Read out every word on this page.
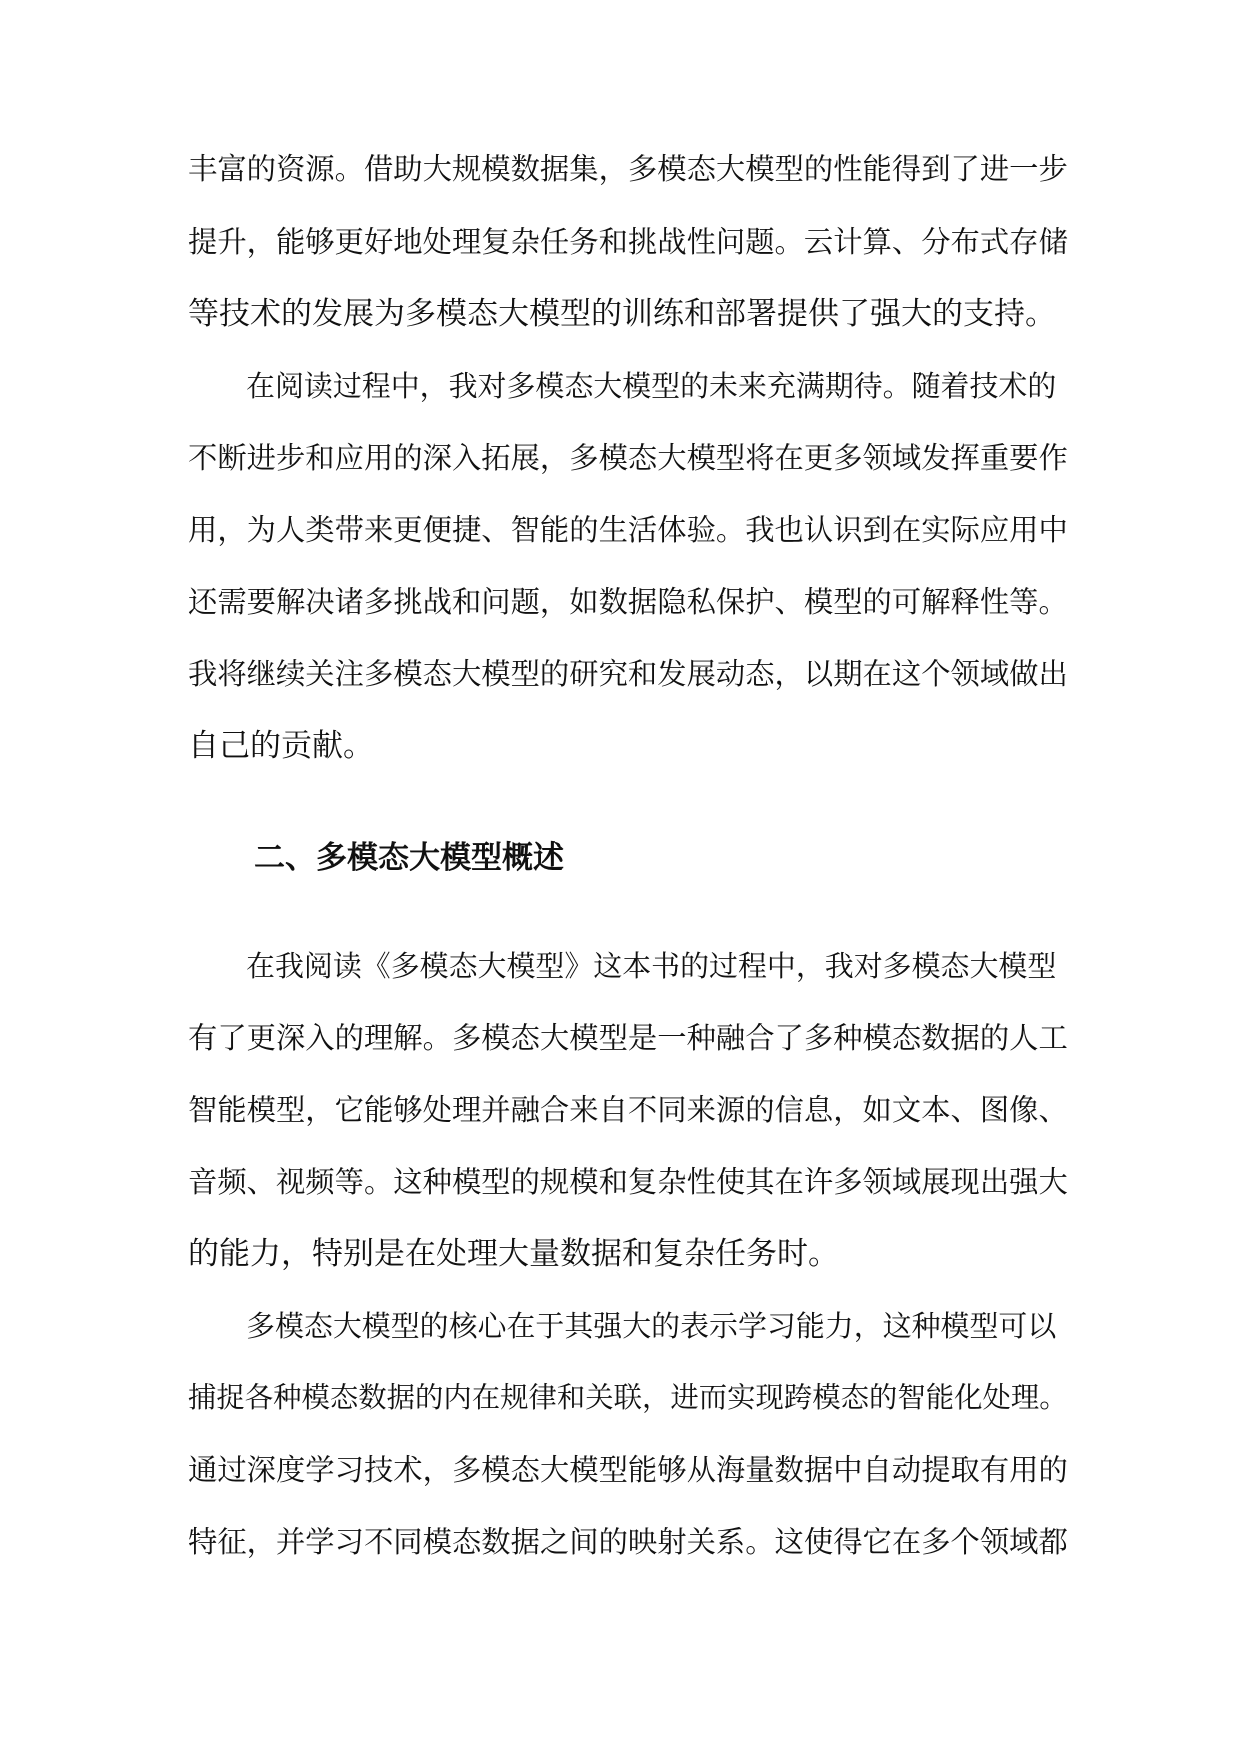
丰富的资源。借助大规模数据集，多模态大模型的性能得到了进一步
提升，能够更好地处理复杂任务和挑战性问题。云计算、分布式存储
等技术的发展为多模态大模型的训练和部署提供了强大的支持。
在阅读过程中，我对多模态大模型的未来充满期待。随着技术的
不断进步和应用的深入拓展，多模态大模型将在更多领域发挥重要作
用，为人类带来更便捷、智能的生活体验。我也认识到在实际应用中
还需要解决诸多挑战和问题，如数据隐私保护、模型的可解释性等。
我将继续关注多模态大模型的研究和发展动态，以期在这个领域做出
自己的贡献。
二、多模态大模型概述
在我阅读《多模态大模型》这本书的过程中，我对多模态大模型
有了更深入的理解。多模态大模型是一种融合了多种模态数据的人工
智能模型，它能够处理并融合来自不同来源的信息，如文本、图像、
音频、视频等。这种模型的规模和复杂性使其在许多领域展现出强大
的能力，特别是在处理大量数据和复杂任务时。
多模态大模型的核心在于其强大的表示学习能力，这种模型可以
捕捉各种模态数据的内在规律和关联，进而实现跨模态的智能化处理。
通过深度学习技术，多模态大模型能够从海量数据中自动提取有用的
特征，并学习不同模态数据之间的映射关系。这使得它在多个领域都
